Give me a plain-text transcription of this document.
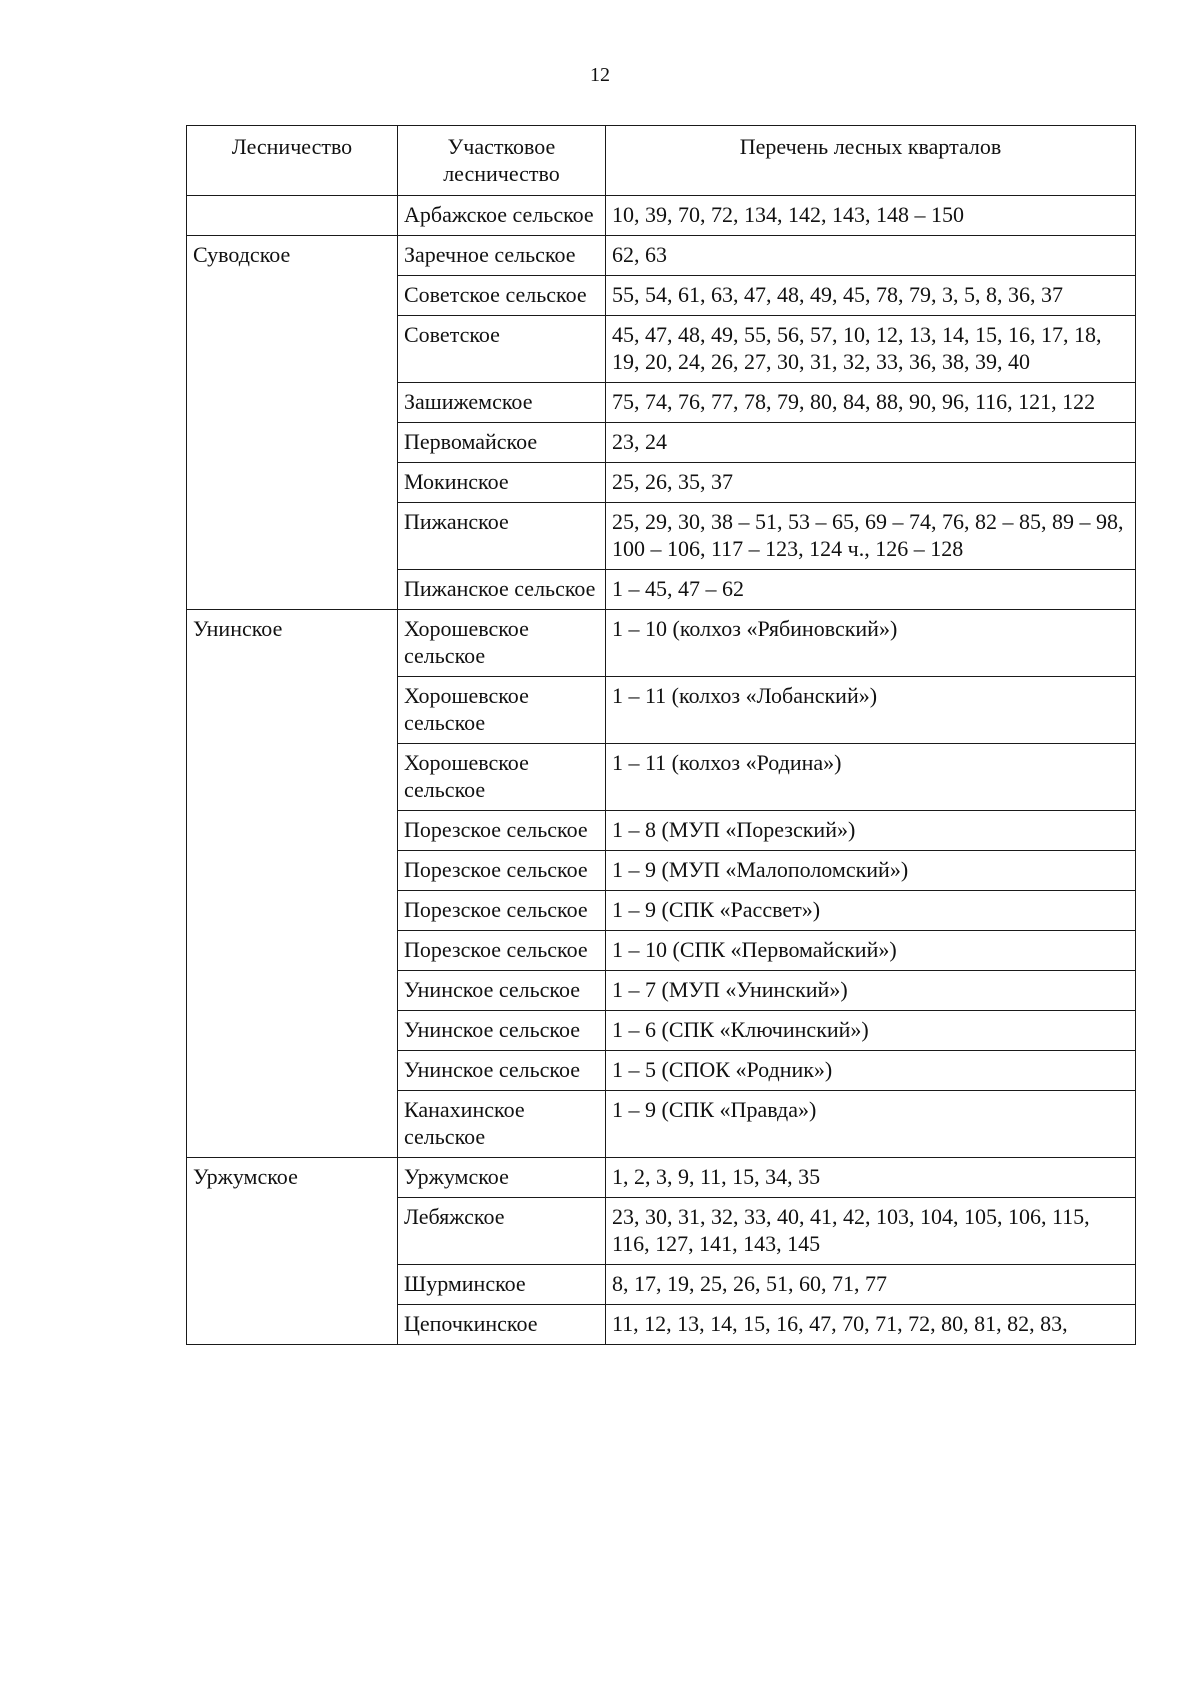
12
Лесничество	Участковое лесничество	Перечень лесных кварталов
	Арбажское сельское	10, 39, 70, 72, 134, 142, 143, 148 – 150
Суводское	Заречное сельское	62, 63
	Советское сельское	55, 54, 61, 63, 47, 48, 49, 45, 78, 79, 3, 5, 8, 36, 37
	Советское	45, 47, 48, 49, 55, 56, 57, 10, 12, 13, 14, 15, 16, 17, 18, 19, 20, 24, 26, 27, 30, 31, 32, 33, 36, 38, 39, 40
	Зашижемское	75, 74, 76, 77, 78, 79, 80, 84, 88, 90, 96, 116, 121, 122
	Первомайское	23, 24
	Мокинское	25, 26, 35, 37
	Пижанское	25, 29, 30, 38 – 51, 53 – 65, 69 – 74, 76, 82 – 85, 89 – 98, 100 – 106, 117 – 123, 124 ч., 126 – 128
	Пижанское сельское	1 – 45, 47 – 62
Унинское	Хорошевское сельское	1 – 10 (колхоз «Рябиновский»)
	Хорошевское сельское	1 – 11 (колхоз «Лобанский»)
	Хорошевское сельское	1 – 11 (колхоз «Родина»)
	Порезское сельское	1 – 8 (МУП «Порезский»)
	Порезское сельское	1 – 9 (МУП «Малополомский»)
	Порезское сельское	1 – 9 (СПК «Рассвет»)
	Порезское сельское	1 – 10 (СПК «Первомайский»)
	Унинское сельское	1 – 7 (МУП «Унинский»)
	Унинское сельское	1 – 6 (СПК «Ключинский»)
	Унинское сельское	1 – 5 (СПОК «Родник»)
	Канахинское сельское	1 – 9 (СПК «Правда»)
Уржумское	Уржумское	1, 2, 3, 9, 11, 15, 34, 35
	Лебяжское	23, 30, 31, 32, 33, 40, 41, 42, 103, 104, 105, 106, 115, 116, 127, 141, 143, 145
	Шурминское	8, 17, 19, 25, 26, 51, 60, 71, 77
	Цепочкинское	11, 12, 13, 14, 15, 16, 47, 70, 71, 72, 80, 81, 82, 83,
